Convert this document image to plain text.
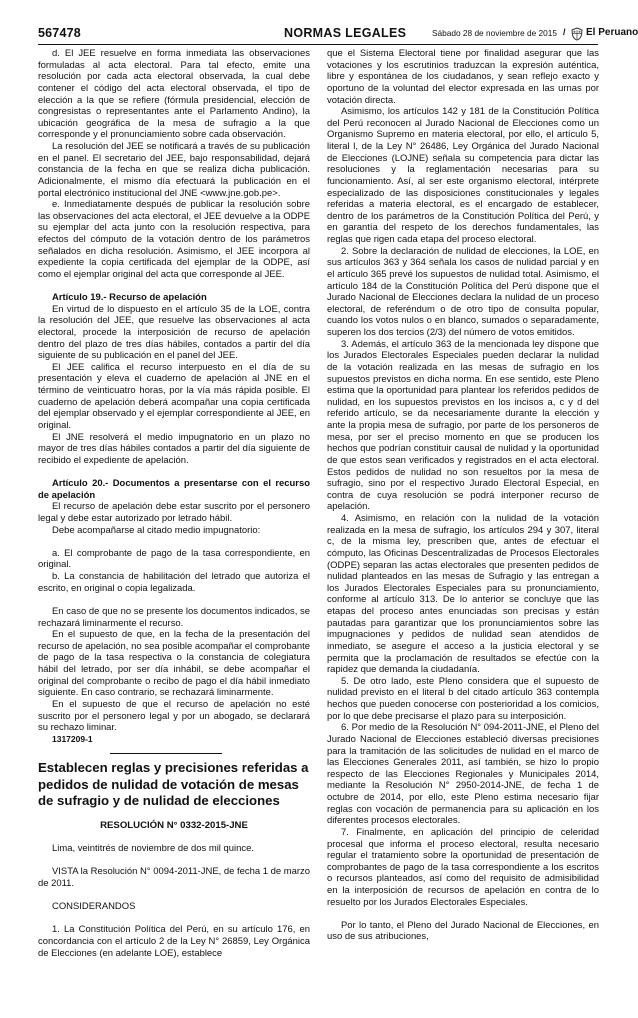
567478	NORMAS LEGALES	Sábado 28 de noviembre de 2015 / El Peruano

d. El JEE resuelve en forma inmediata las observaciones formuladas al acta electoral. Para tal efecto, emite una resolución por cada acta electoral observada, la cual debe contener el código del acta electoral observada, el tipo de elección a la que se refiere (fórmula presidencial, elección de congresistas o representantes ante el Parlamento Andino), la ubicación geográfica de la mesa de sufragio a la que corresponde y el pronunciamiento sobre cada observación.

La resolución del JEE se notificará a través de su publicación en el panel. El secretario del JEE, bajo responsabilidad, dejará constancia de la fecha en que se realiza dicha publicación. Adicionalmente, el mismo día efectuará la publicación en el portal electrónico institucional del JNE <www.jne.gob.pe>.

e. Inmediatamente después de publicar la resolución sobre las observaciones del acta electoral, el JEE devuelve a la ODPE su ejemplar del acta junto con la resolución respectiva, para efectos del cómputo de la votación dentro de los parámetros señalados en dicha resolución. Asimismo, el JEE incorpora al expediente la copia certificada del ejemplar de la ODPE, así como el ejemplar original del acta que corresponde al JEE.

Artículo 19.- Recurso de apelación

En virtud de lo dispuesto en el artículo 35 de la LOE, contra la resolución del JEE, que resuelve las observaciones al acta electoral, procede la interposición de recurso de apelación dentro del plazo de tres días hábiles, contados a partir del día siguiente de su publicación en el panel del JEE.

El JEE califica el recurso interpuesto en el día de su presentación y eleva el cuaderno de apelación al JNE en el término de veinticuatro horas, por la vía más rápida posible. El cuaderno de apelación deberá acompañar una copia certificada del ejemplar observado y el ejemplar correspondiente al JEE, en original.

El JNE resolverá el medio impugnatorio en un plazo no mayor de tres días hábiles contados a partir del día siguiente de recibido el expediente de apelación.

Artículo 20.- Documentos a presentarse con el recurso de apelación

El recurso de apelación debe estar suscrito por el personero legal y debe estar autorizado por letrado hábil.

Debe acompañarse al citado medio impugnatorio:

a. El comprobante de pago de la tasa correspondiente, en original.

b. La constancia de habilitación del letrado que autoriza el escrito, en original o copia legalizada.

En caso de que no se presente los documentos indicados, se rechazará liminarmente el recurso.

En el supuesto de que, en la fecha de la presentación del recurso de apelación, no sea posible acompañar el comprobante de pago de la tasa respectiva o la constancia de colegiatura hábil del letrado, por ser día inhábil, se debe acompañar el original del comprobante o recibo de pago el día hábil inmediato siguiente. En caso contrario, se rechazará liminarmente.

En el supuesto de que el recurso de apelación no esté suscrito por el personero legal y por un abogado, se declarará su rechazo liminar.

1317209-1

Establecen reglas y precisiones referidas a pedidos de nulidad de votación de mesas de sufragio y de nulidad de elecciones
RESOLUCIÓN N° 0332-2015-JNE

Lima, veintitrés de noviembre de dos mil quince.

VISTA la Resolución N° 0094-2011-JNE, de fecha 1 de marzo de 2011.

CONSIDERANDOS

1. La Constitución Política del Perú, en su artículo 176, en concordancia con el artículo 2 de la Ley N° 26859, Ley Orgánica de Elecciones (en adelante LOE), establece

que el Sistema Electoral tiene por finalidad asegurar que las votaciones y los escrutinios traduzcan la expresión auténtica, libre y espontánea de los ciudadanos, y sean reflejo exacto y oportuno de la voluntad del elector expresada en las urnas por votación directa.

Asimismo, los artículos 142 y 181 de la Constitución Política del Perú reconocen al Jurado Nacional de Elecciones como un Organismo Supremo en materia electoral, por ello, el artículo 5, literal l, de la Ley N° 26486, Ley Orgánica del Jurado Nacional de Elecciones (LOJNE) señala su competencia para dictar las resoluciones y la reglamentación necesarias para su funcionamiento. Así, al ser este organismo electoral, intérprete especializado de las disposiciones constitucionales y legales referidas a materia electoral, es el encargado de establecer, dentro de los parámetros de la Constitución Política del Perú, y en garantía del respeto de los derechos fundamentales, las reglas que rigen cada etapa del proceso electoral.

2. Sobre la declaración de nulidad de elecciones, la LOE, en sus artículos 363 y 364 señala los casos de nulidad parcial y en el artículo 365 prevé los supuestos de nulidad total. Asimismo, el artículo 184 de la Constitución Política del Perú dispone que el Jurado Nacional de Elecciones declara la nulidad de un proceso electoral, de referéndum o de otro tipo de consulta popular, cuando los votos nulos o en blanco, sumados o separadamente, superen los dos tercios (2/3) del número de votos emitidos.

3. Además, el artículo 363 de la mencionada ley dispone que los Jurados Electorales Especiales pueden declarar la nulidad de la votación realizada en las mesas de sufragio en los supuestos previstos en dicha norma. En ese sentido, este Pleno estima que la oportunidad para plantear los referidos pedidos de nulidad, en los supuestos previstos en los incisos a, c y d del referido artículo, se da necesariamente durante la elección y ante la propia mesa de sufragio, por parte de los personeros de mesa, por ser el preciso momento en que se producen los hechos que podrían constituir causal de nulidad y la oportunidad de que estos sean verificados y registrados en el acta electoral. Estos pedidos de nulidad no son resueltos por la mesa de sufragio, sino por el respectivo Jurado Electoral Especial, en contra de cuya resolución se podrá interponer recurso de apelación.

4. Asimismo, en relación con la nulidad de la votación realizada en la mesa de sufragio, los artículos 294 y 307, literal c, de la misma ley, prescriben que, antes de efectuar el cómputo, las Oficinas Descentralizadas de Procesos Electorales (ODPE) separan las actas electorales que presenten pedidos de nulidad planteados en las mesas de Sufragio y las entregan a los Jurados Electorales Especiales para su pronunciamiento, conforme al artículo 313. De lo anterior se concluye que las etapas del proceso antes enunciadas son precisas y están pautadas para garantizar que los pronunciamientos sobre las impugnaciones y pedidos de nulidad sean atendidos de inmediato, se asegure el acceso a la justicia electoral y se permita que la proclamación de resultados se efectúe con la rapidez que demanda la ciudadanía.

5. De otro lado, este Pleno considera que el supuesto de nulidad previsto en el literal b del citado artículo 363 contempla hechos que pueden conocerse con posterioridad a los comicios, por lo que debe precisarse el plazo para su interposición.

6. Por medio de la Resolución N° 094-2011-JNE, el Pleno del Jurado Nacional de Elecciones estableció diversas precisiones para la tramitación de las solicitudes de nulidad en el marco de las Elecciones Generales 2011, así también, se hizo lo propio respecto de las Elecciones Regionales y Municipales 2014, mediante la Resolución N° 2950-2014-JNE, de fecha 1 de octubre de 2014, por ello, este Pleno estima necesario fijar reglas con vocación de permanencia para su aplicación en los diferentes procesos electorales.

7. Finalmente, en aplicación del principio de celeridad procesal que informa el proceso electoral, resulta necesario regular el tratamiento sobre la oportunidad de presentación de comprobantes de pago de la tasa correspondiente a los escritos o recursos planteados, así como del requisito de admisibilidad en la interposición de recursos de apelación en contra de lo resuelto por los Jurados Electorales Especiales.

Por lo tanto, el Pleno del Jurado Nacional de Elecciones, en uso de sus atribuciones,
